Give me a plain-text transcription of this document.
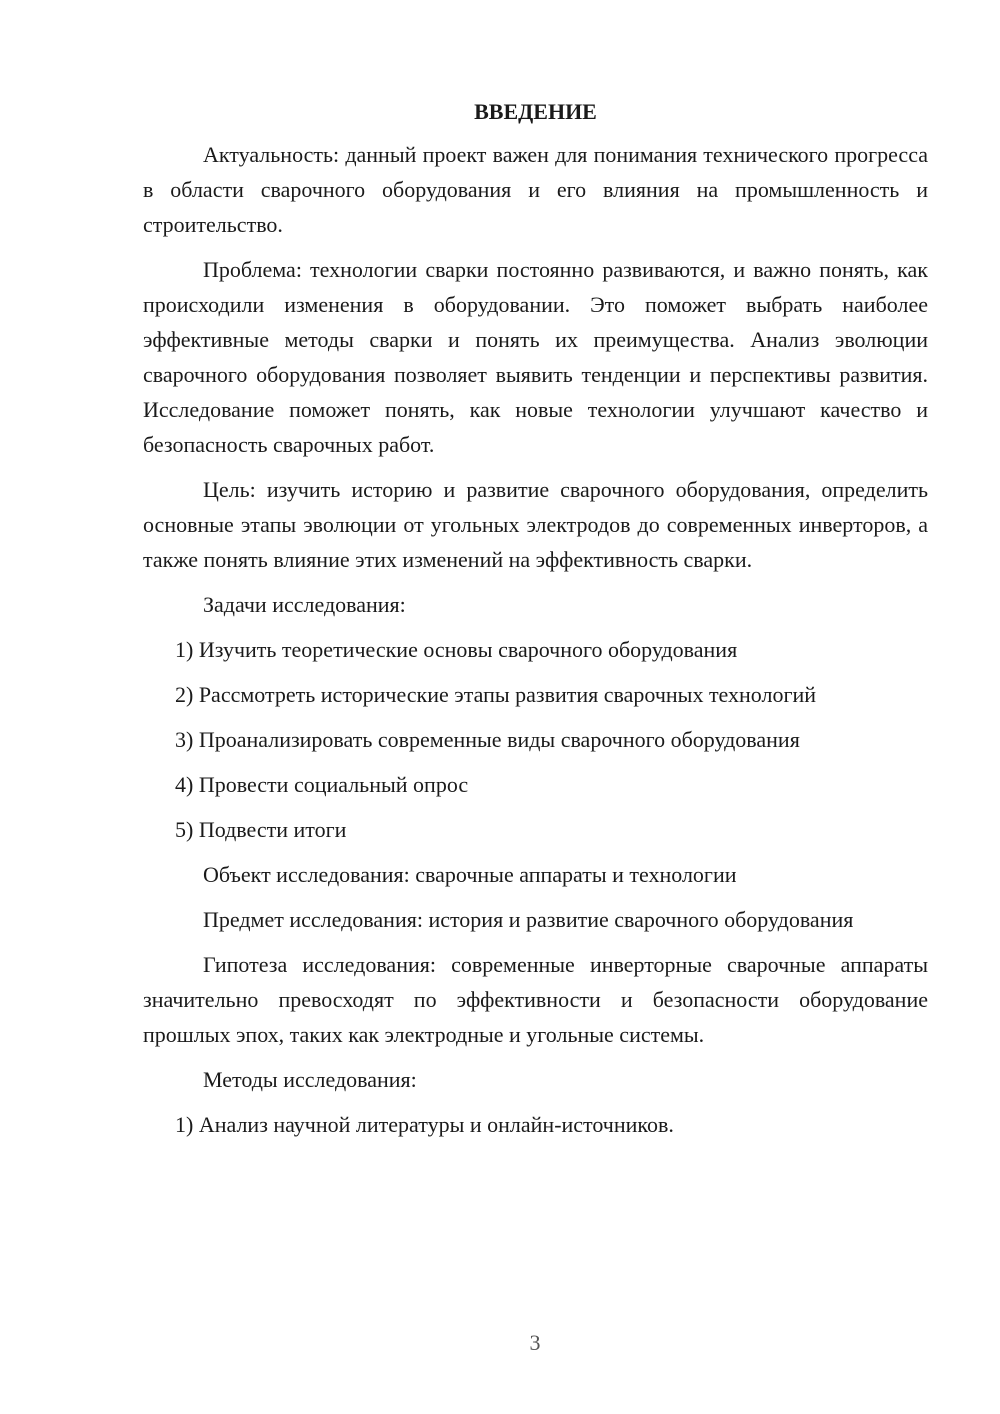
ВВЕДЕНИЕ

Актуальность: данный проект важен для понимания технического прогресса в области сварочного оборудования и его влияния на промышленность и строительство.

Проблема: технологии сварки постоянно развиваются, и важно понять, как происходили изменения в оборудовании. Это поможет выбрать наиболее эффективные методы сварки и понять их преимущества. Анализ эволюции сварочного оборудования позволяет выявить тенденции и перспективы развития. Исследование поможет понять, как новые технологии улучшают качество и безопасность сварочных работ.

Цель: изучить историю и развитие сварочного оборудования, определить основные этапы эволюции от угольных электродов до современных инверторов, а также понять влияние этих изменений на эффективность сварки.

Задачи исследования:

1) Изучить теоретические основы сварочного оборудования
2) Рассмотреть исторические этапы развития сварочных технологий
3) Проанализировать современные виды сварочного оборудования
4) Провести социальный опрос
5) Подвести итоги

Объект исследования: сварочные аппараты и технологии

Предмет исследования: история и развитие сварочного оборудования

Гипотеза исследования: современные инверторные сварочные аппараты значительно превосходят по эффективности и безопасности оборудование прошлых эпох, таких как электродные и угольные системы.

Методы исследования:

1) Анализ научной литературы и онлайн-источников.
3
